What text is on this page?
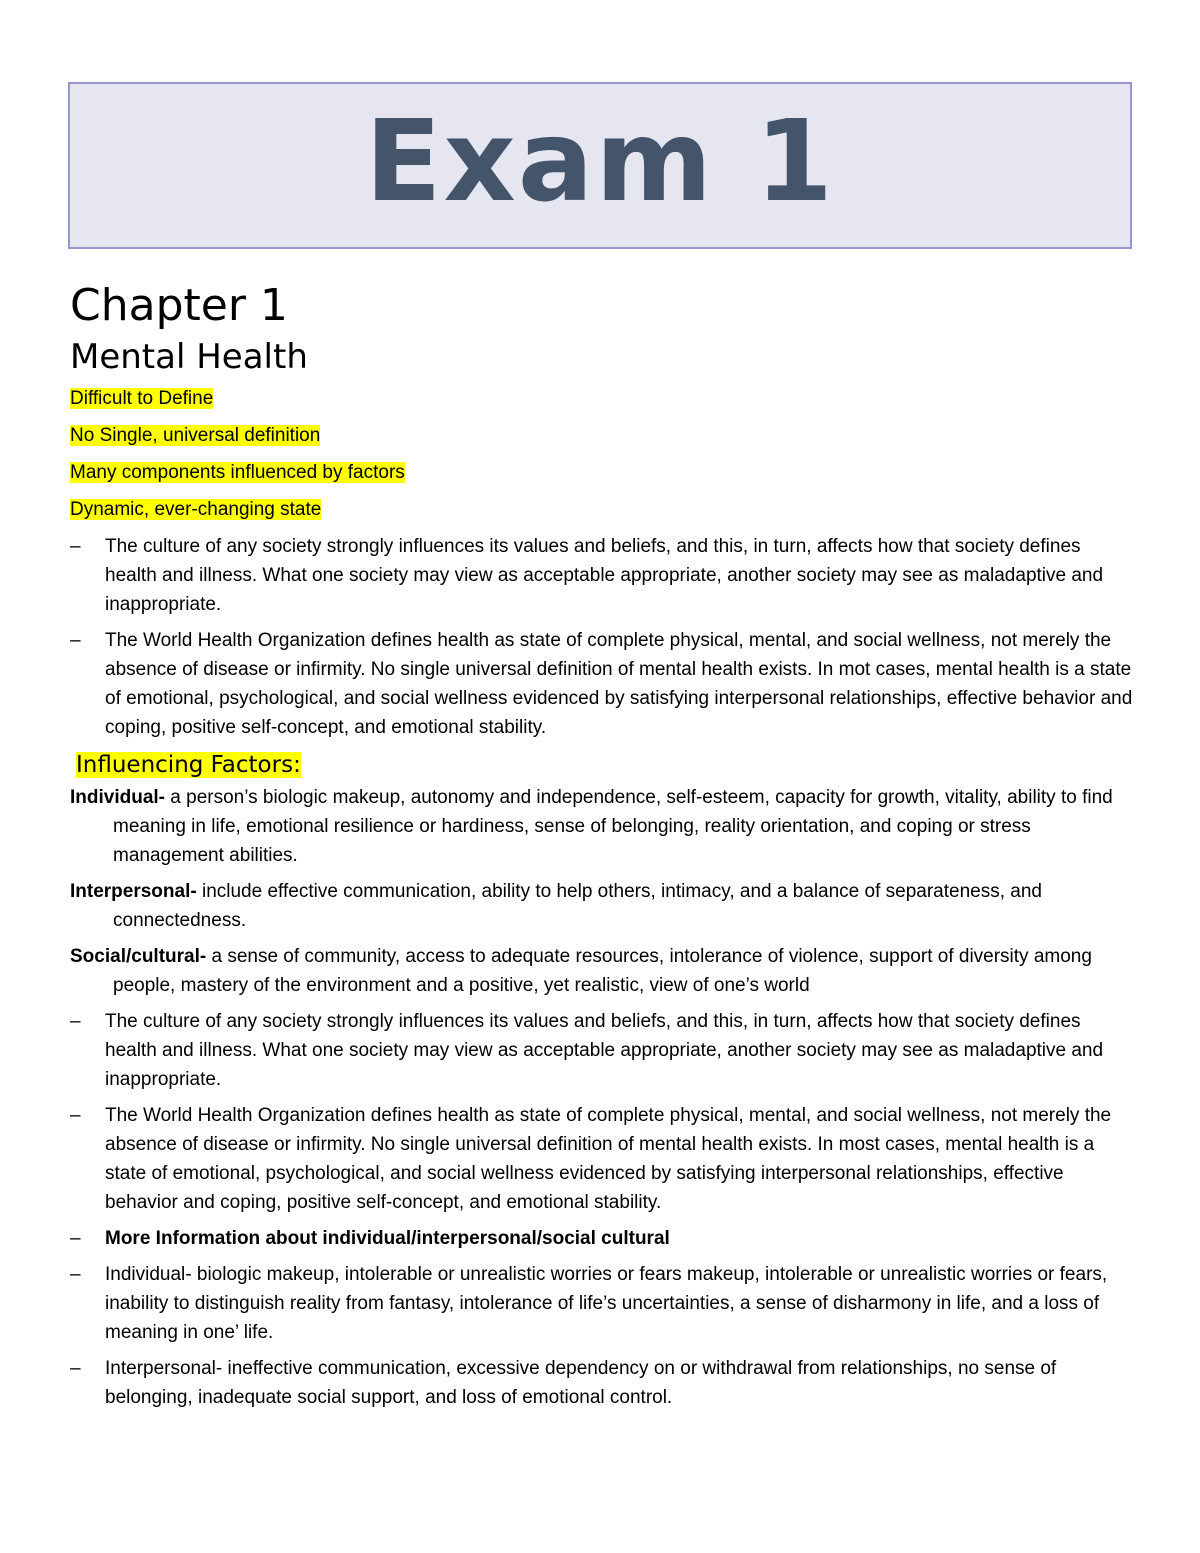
Exam 1
Chapter 1
Mental Health
Difficult to Define
No Single, universal definition
Many components influenced by factors
Dynamic, ever-changing state
– The culture of any society strongly influences its values and beliefs, and this, in turn, affects how that society defines health and illness. What one society may view as acceptable appropriate, another society may see as maladaptive and inappropriate.
– The World Health Organization defines health as state of complete physical, mental, and social wellness, not merely the absence of disease or infirmity. No single universal definition of mental health exists. In mot cases, mental health is a state of emotional, psychological, and social wellness evidenced by satisfying interpersonal relationships, effective behavior and coping, positive self-concept, and emotional stability.
Influencing Factors:
Individual- a person’s biologic makeup, autonomy and independence, self-esteem, capacity for growth, vitality, ability to find meaning in life, emotional resilience or hardiness, sense of belonging, reality orientation, and coping or stress management abilities.
Interpersonal- include effective communication, ability to help others, intimacy, and a balance of separateness, and connectedness.
Social/cultural- a sense of community, access to adequate resources, intolerance of violence, support of diversity among people, mastery of the environment and a positive, yet realistic, view of one’s world
– The culture of any society strongly influences its values and beliefs, and this, in turn, affects how that society defines health and illness. What one society may view as acceptable appropriate, another society may see as maladaptive and inappropriate.
– The World Health Organization defines health as state of complete physical, mental, and social wellness, not merely the absence of disease or infirmity. No single universal definition of mental health exists. In most cases, mental health is a state of emotional, psychological, and social wellness evidenced by satisfying interpersonal relationships, effective behavior and coping, positive self-concept, and emotional stability.
– More Information about individual/interpersonal/social cultural
– Individual- biologic makeup, intolerable or unrealistic worries or fears makeup, intolerable or unrealistic worries or fears, inability to distinguish reality from fantasy, intolerance of life’s uncertainties, a sense of disharmony in life, and a loss of meaning in one’ life.
– Interpersonal- ineffective communication, excessive dependency on or withdrawal from relationships, no sense of belonging, inadequate social support, and loss of emotional control.
